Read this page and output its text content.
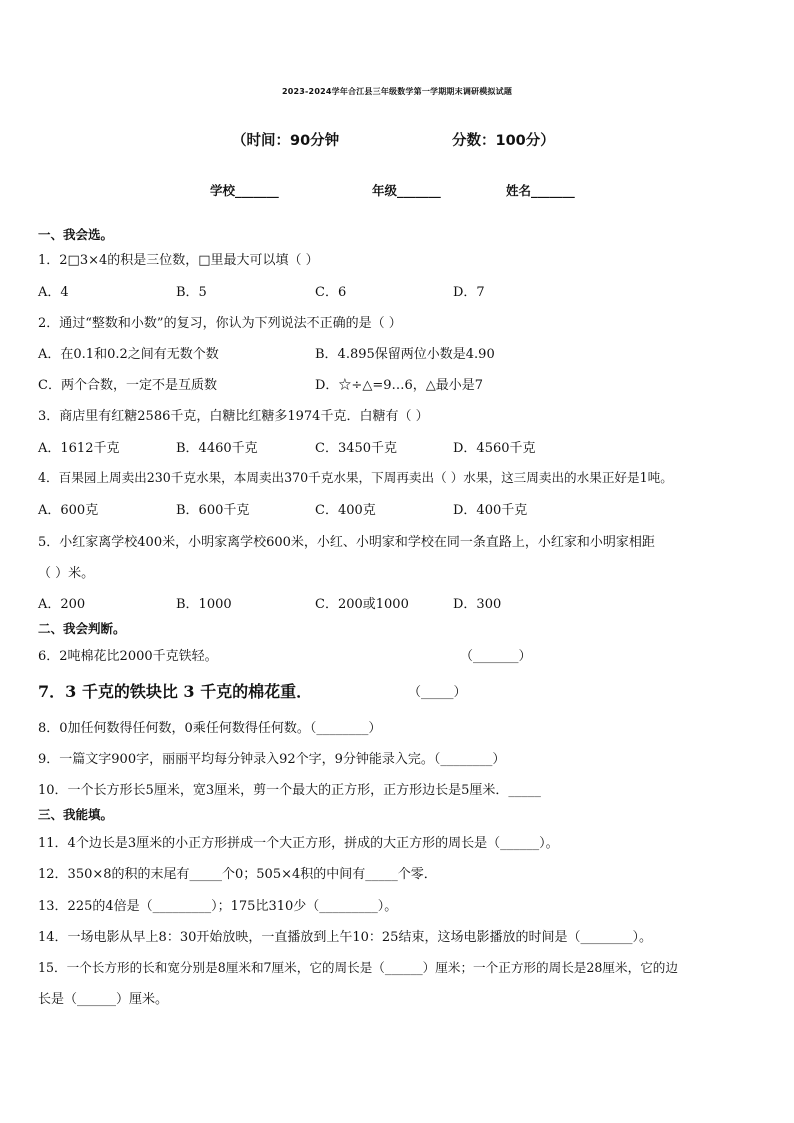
2023-2024学年合江县三年级数学第一学期期末调研模拟试题
（时间：90分钟	分数：100分）
学校_______	年级_______	姓名_______
一、我会选。
1．2□3×4的积是三位数，□里最大可以填（ ）
A．4	B．5	C．6	D．7
2．通过“整数和小数”的复习，你认为下列说法不正确的是（ ）
A．在0.1和0.2之间有无数个数	B．4.895保留两位小数是4.90
C．两个合数，一定不是互质数	D．☆÷△=9…6，△最小是7
3．商店里有红糖2586千克，白糖比红糖多1974千克．白糖有（ ）
A．1612千克	B．4460千克	C．3450千克	D．4560千克
4．百果园上周卖出230千克水果，本周卖出370千克水果，下周再卖出（ ）水果，这三周卖出的水果正好是1吨。
A．600克	B．600千克	C．400克	D．400千克
5．小红家离学校400米，小明家离学校600米，小红、小明家和学校在同一条直路上，小红家和小明家相距
（ ）米。
A．200	B．1000	C．200或1000	D．300
二、我会判断。
6．2吨棉花比2000千克铁轻。	（_______）
7．3 千克的铁块比 3 千克的棉花重．	（_____）
8．0加任何数得任何数，0乘任何数得任何数。（________）
9．一篇文字900字，丽丽平均每分钟录入92个字，9分钟能录入完。（________）
10．一个长方形长5厘米，宽3厘米，剪一个最大的正方形，正方形边长是5厘米．_____
三、我能填。
11．4个边长是3厘米的小正方形拼成一个大正方形，拼成的大正方形的周长是（______）。
12．350×8的积的末尾有_____个0；505×4积的中间有_____个零．
13．225的4倍是（_________）；175比310少（_________）。
14．一场电影从早上8：30开始放映，一直播放到上午10：25结束，这场电影播放的时间是（________）。
15．一个长方形的长和宽分别是8厘米和7厘米，它的周长是（______）厘米；一个正方形的周长是28厘米，它的边
长是（______）厘米。
